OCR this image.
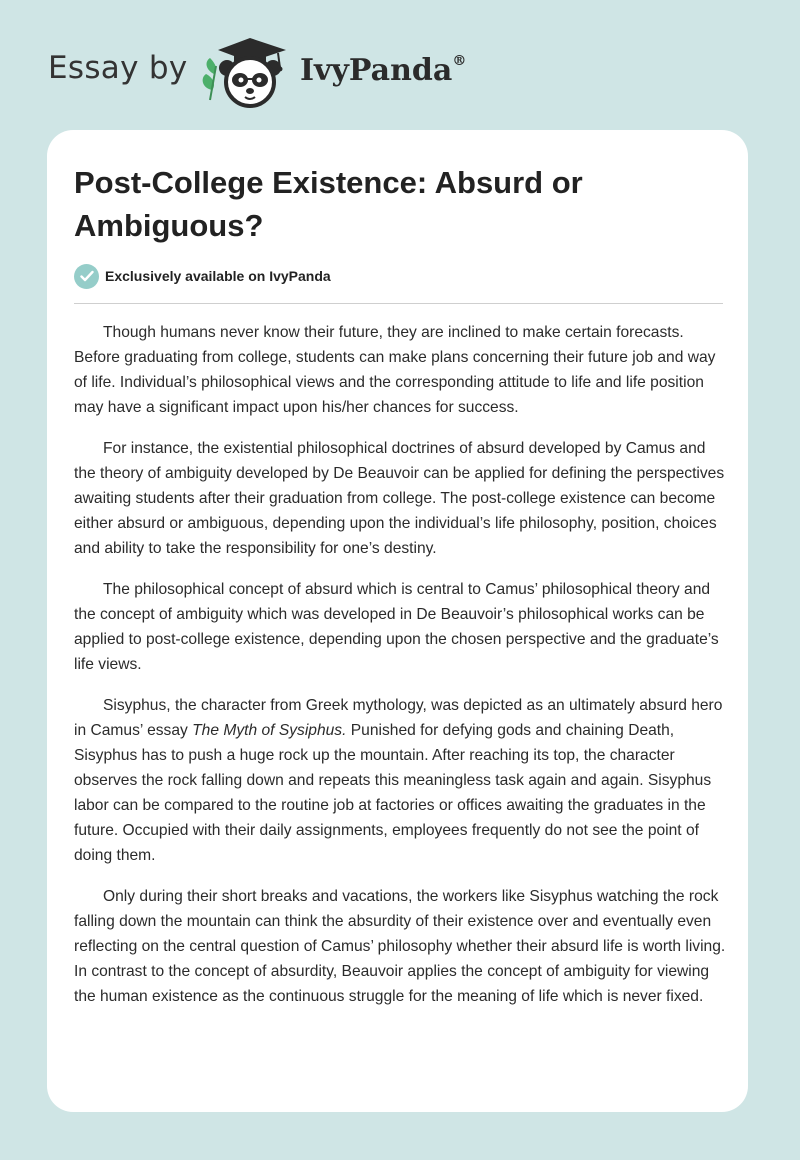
Essay by	IvyPanda®
Post-College Existence: Absurd or Ambiguous?
Exclusively available on IvyPanda

Though humans never know their future, they are inclined to make certain forecasts. Before graduating from college, students can make plans concerning their future job and way of life. Individual’s philosophical views and the corresponding attitude to life and life position may have a significant impact upon his/her chances for success.

For instance, the existential philosophical doctrines of absurd developed by Camus and the theory of ambiguity developed by De Beauvoir can be applied for defining the perspectives awaiting students after their graduation from college. The post-college existence can become either absurd or ambiguous, depending upon the individual’s life philosophy, position, choices and ability to take the responsibility for one’s destiny.

The philosophical concept of absurd which is central to Camus’ philosophical theory and the concept of ambiguity which was developed in De Beauvoir’s philosophical works can be applied to post-college existence, depending upon the chosen perspective and the graduate’s life views.

Sisyphus, the character from Greek mythology, was depicted as an ultimately absurd hero in Camus’ essay The Myth of Sysiphus. Punished for defying gods and chaining Death, Sisyphus has to push a huge rock up the mountain. After reaching its top, the character observes the rock falling down and repeats this meaningless task again and again. Sisyphus labor can be compared to the routine job at factories or offices awaiting the graduates in the future. Occupied with their daily assignments, employees frequently do not see the point of doing them.

Only during their short breaks and vacations, the workers like Sisyphus watching the rock falling down the mountain can think the absurdity of their existence over and eventually even reflecting on the central question of Camus’ philosophy whether their absurd life is worth living. In contrast to the concept of absurdity, Beauvoir applies the concept of ambiguity for viewing the human existence as the continuous struggle for the meaning of life which is never fixed.
